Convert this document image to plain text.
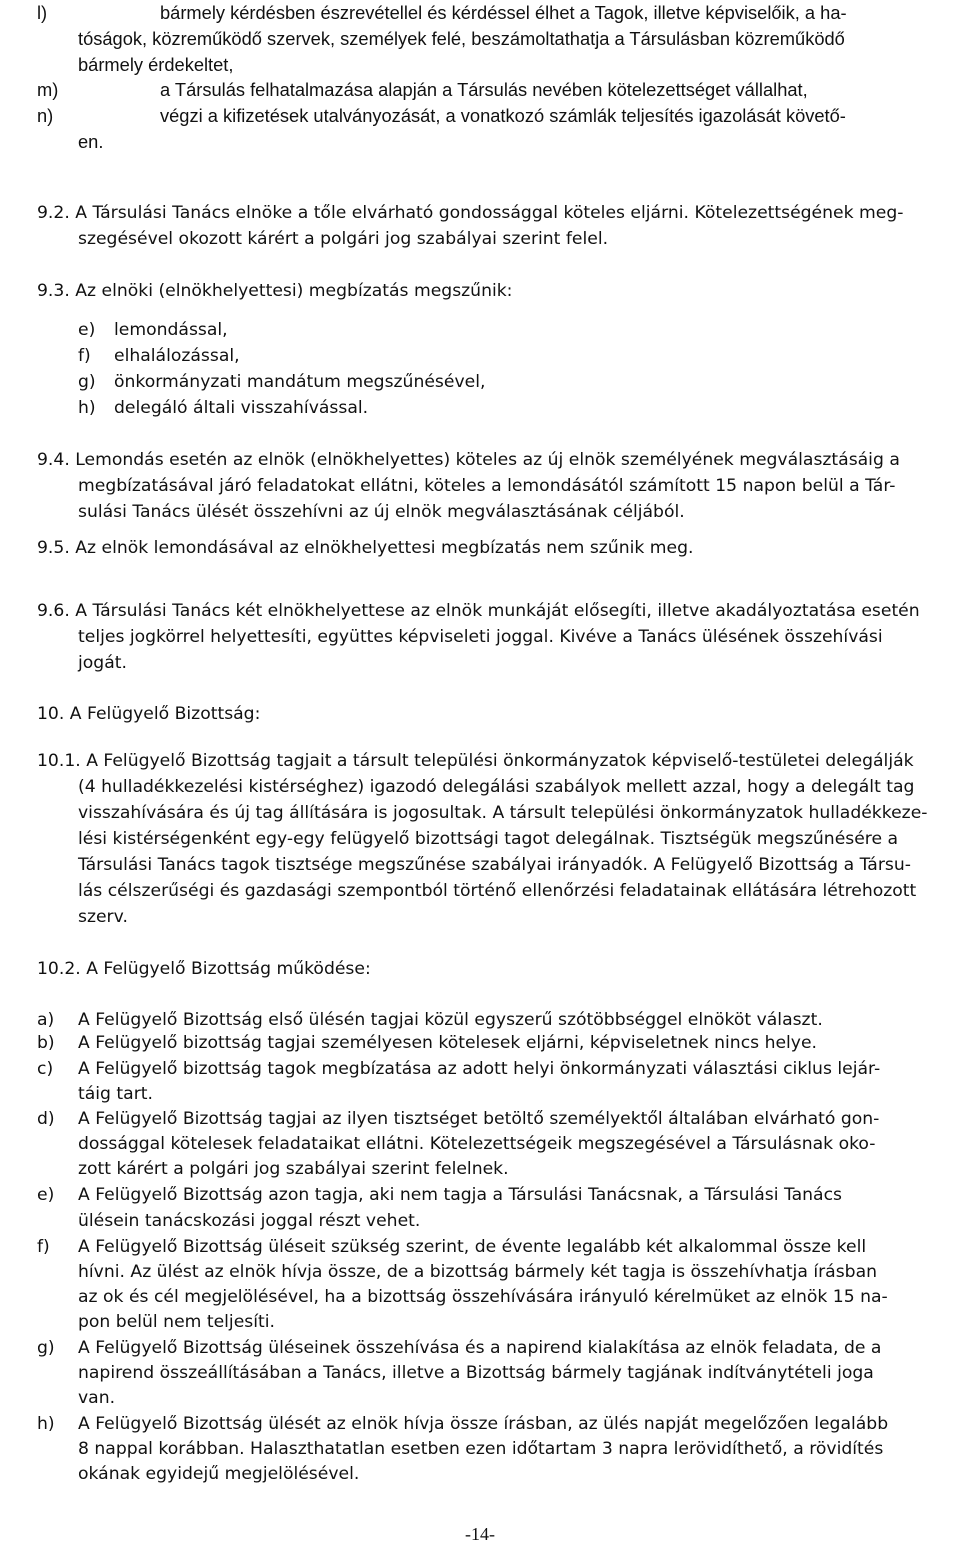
l)	bármely kérdésben észrevétellel és kérdéssel élhet a Tagok, illetve képviselőik, a ha-
tóságok, közreműködő szervek, személyek felé, beszámoltathatja a Társulásban közreműködő
bármely érdekeltet,
m)	a Társulás felhatalmazása alapján a Társulás nevében kötelezettséget vállalhat,
n)	végzi a kifizetések utalványozását, a vonatkozó számlák teljesítés igazolását követő-
en.
9.2. A Társulási Tanács elnöke a tőle elvárható gondossággal köteles eljárni. Kötelezettségének meg-
szegésével okozott kárért a polgári jog szabályai szerint felel.
9.3. Az elnöki (elnökhelyettesi) megbízatás megszűnik:
e) lemondással,
f) elhalálozással,
g) önkormányzati mandátum megszűnésével,
h) delegáló általi visszahívással.
9.4. Lemondás esetén az elnök (elnökhelyettes) köteles az új elnök személyének megválasztásáig a
megbízatásával járó feladatokat ellátni, köteles a lemondásától számított 15 napon belül a Tár-
sulási Tanács ülését összehívni az új elnök megválasztásának céljából.
9.5. Az elnök lemondásával az elnökhelyettesi megbízatás nem szűnik meg.
9.6. A Társulási Tanács két elnökhelyettese az elnök munkáját elősegíti, illetve akadályoztatása esetén
teljes jogkörrel helyettesíti, együttes képviseleti joggal. Kivéve a Tanács ülésének összehívási
jogát.
10. A Felügyelő Bizottság:
10.1. A Felügyelő Bizottság tagjait a társult települési önkormányzatok képviselő-testületei delegálják
(4 hulladékkezelési kistérséghez) igazodó delegálási szabályok mellett azzal, hogy a delegált tag
visszahívására és új tag állítására is jogosultak. A társult települési önkormányzatok hulladékkeze-
lési kistérségenként egy-egy felügyelő bizottsági tagot delegálnak. Tisztségük megszűnésére a
Társulási Tanács tagok tisztsége megszűnése szabályai irányadók. A Felügyelő Bizottság a Társu-
lás célszerűségi és gazdasági szempontból történő ellenőrzési feladatainak ellátására létrehozott
szerv.
10.2. A Felügyelő Bizottság működése:
a) A Felügyelő Bizottság első ülésén tagjai közül egyszerű szótöbbséggel elnököt választ.
b) A Felügyelő bizottság tagjai személyesen kötelesek eljárni, képviseletnek nincs helye.
c) A Felügyelő bizottság tagok megbízatása az adott helyi önkormányzati választási ciklus lejár-
táig tart.
d) A Felügyelő Bizottság tagjai az ilyen tisztséget betöltő személyektől általában elvárható gon-
dossággal kötelesek feladataikat ellátni. Kötelezettségeik megszegésével a Társulásnak oko-
zott kárért a polgári jog szabályai szerint felelnek.
e) A Felügyelő Bizottság azon tagja, aki nem tagja a Társulási Tanácsnak, a Társulási Tanács
ülésein tanácskozási joggal részt vehet.
f) A Felügyelő Bizottság üléseit szükség szerint, de évente legalább két alkalommal össze kell
hívni. Az ülést az elnök hívja össze, de a bizottság bármely két tagja is összehívhatja írásban
az ok és cél megjelölésével, ha a bizottság összehívására irányuló kérelmüket az elnök 15 na-
pon belül nem teljesíti.
g) A Felügyelő Bizottság üléseinek összehívása és a napirend kialakítása az elnök feladata, de a
napirend összeállításában a Tanács, illetve a Bizottság bármely tagjának indítványtételi joga
van.
h) A Felügyelő Bizottság ülését az elnök hívja össze írásban, az ülés napját megelőzően legalább
8 nappal korábban. Halaszthatatlan esetben ezen időtartam 3 napra lerövidíthető, a rövidítés
okának egyidejű megjelölésével.
-14-
